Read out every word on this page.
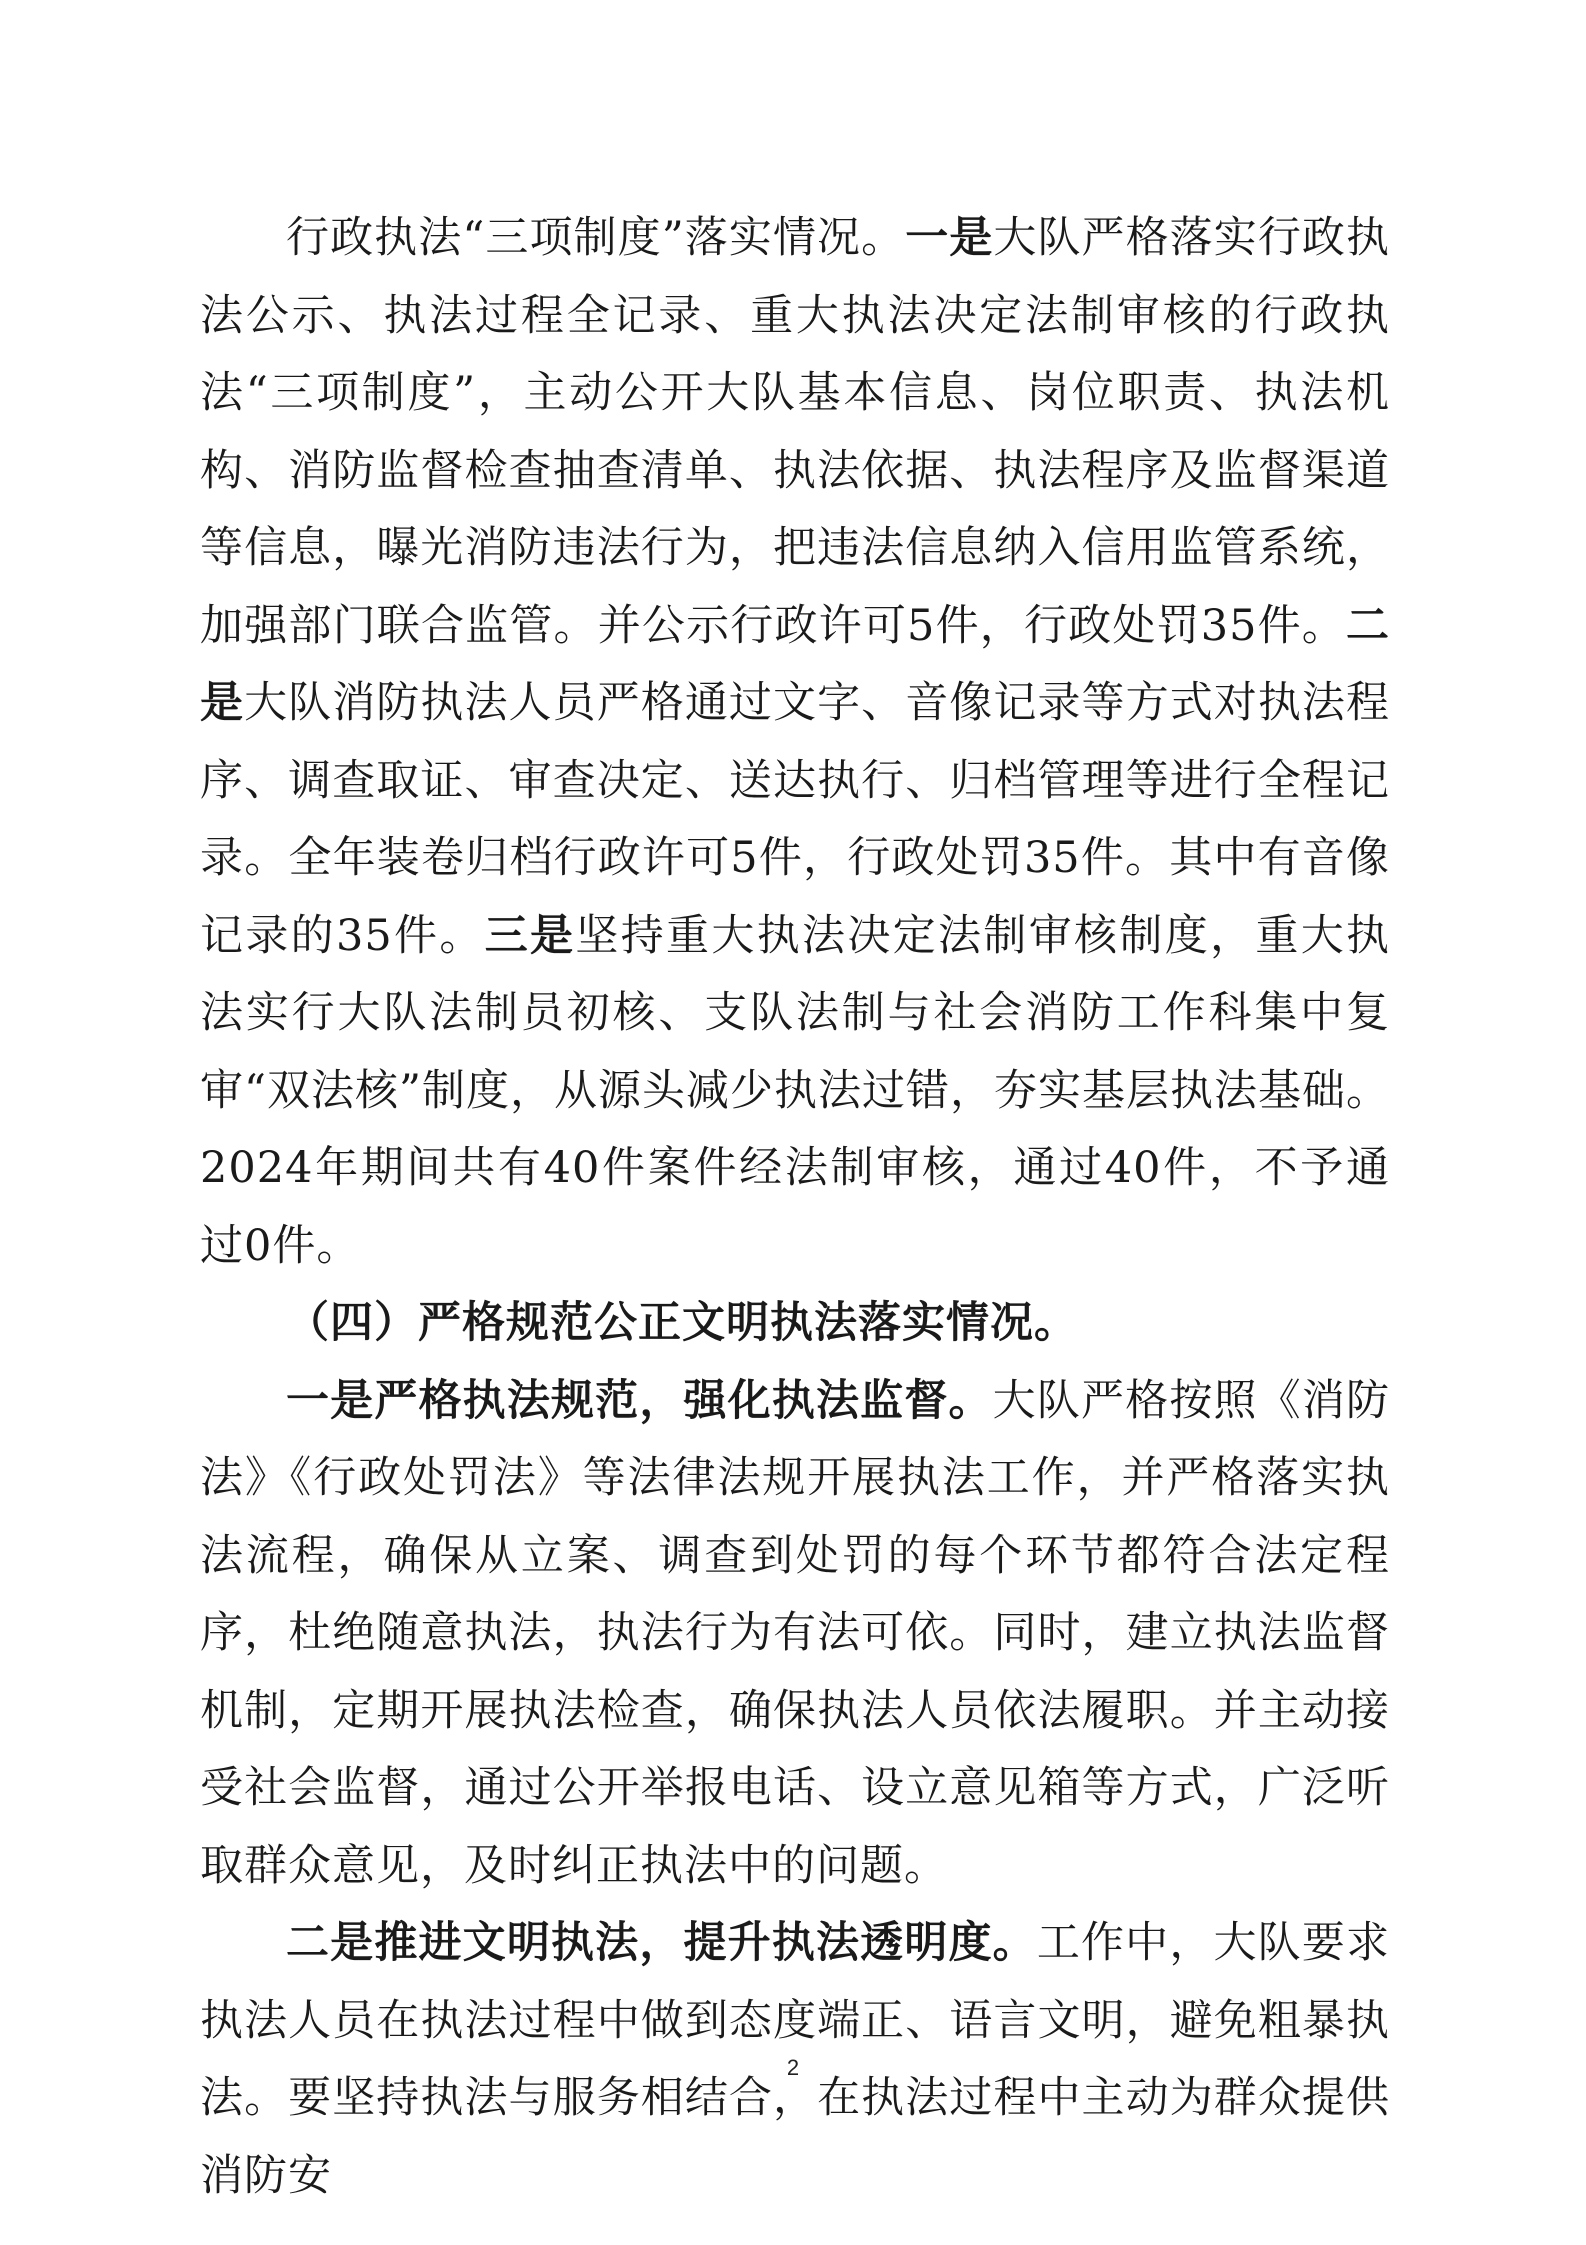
行政执法“三项制度”落实情况。一是大队严格落实行政执法公示、执法过程全记录、重大执法决定法制审核的行政执法“三项制度”，主动公开大队基本信息、岗位职责、执法机构、消防监督检查抽查清单、执法依据、执法程序及监督渠道等信息，曝光消防违法行为，把违法信息纳入信用监管系统，加强部门联合监管。并公示行政许可5件，行政处罚35件。二是大队消防执法人员严格通过文字、音像记录等方式对执法程序、调查取证、审查决定、送达执行、归档管理等进行全程记录。全年装卷归档行政许可5件，行政处罚35件。其中有音像记录的35件。三是坚持重大执法决定法制审核制度，重大执法实行大队法制员初核、支队法制与社会消防工作科集中复审“双法核”制度，从源头减少执法过错，夯实基层执法基础。2024年期间共有40件案件经法制审核，通过40件，不予通过0件。

（四）严格规范公正文明执法落实情况。

一是严格执法规范，强化执法监督。大队严格按照《消防法》《行政处罚法》等法律法规开展执法工作，并严格落实执法流程，确保从立案、调查到处罚的每个环节都符合法定程序，杜绝随意执法，执法行为有法可依。同时，建立执法监督机制，定期开展执法检查，确保执法人员依法履职。并主动接受社会监督，通过公开举报电话、设立意见箱等方式，广泛听取群众意见，及时纠正执法中的问题。

二是推进文明执法，提升执法透明度。工作中，大队要求执法人员在执法过程中做到态度端正、语言文明，避免粗暴执法。要坚持执法与服务相结合，在执法过程中主动为群众提供消防安

2
